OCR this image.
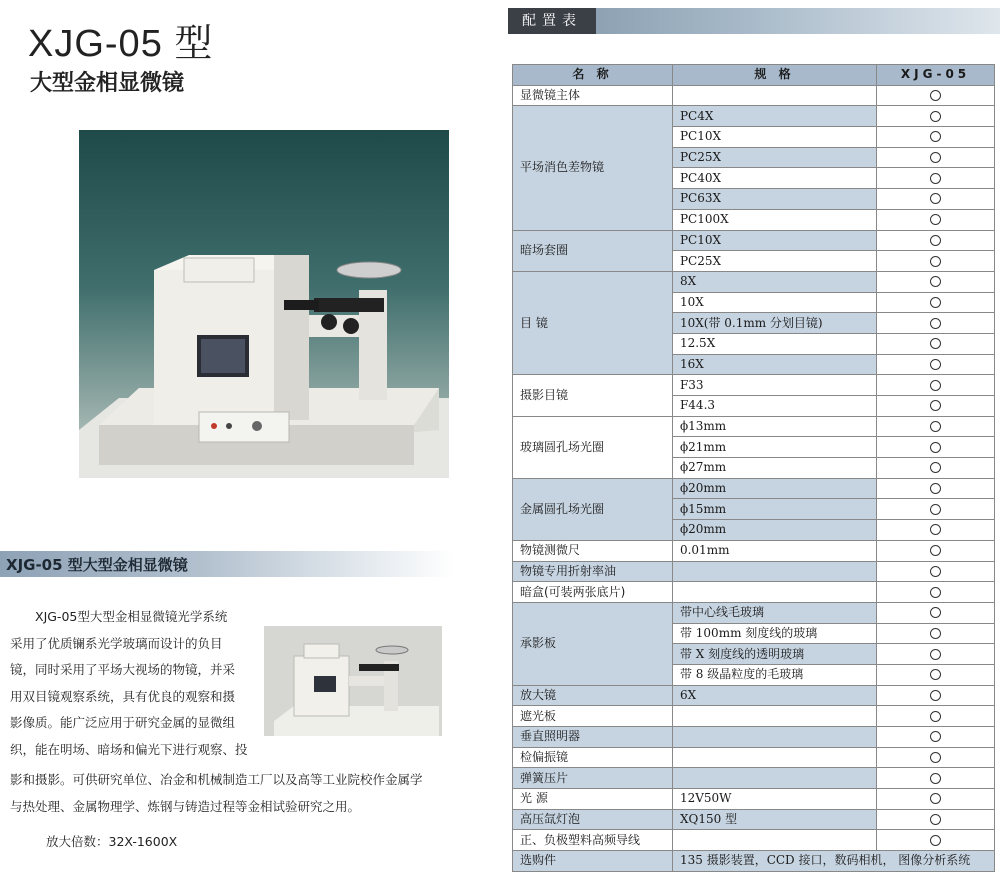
XJG-05 型
大型金相显微镜
XJG-05 型大型金相显微镜

XJG-05型大型金相显微镜光学系统

采用了优质镧系光学玻璃而设计的负目

镜，同时采用了平场大视场的物镜，并采

用双目镜观察系统，具有优良的观察和摄

影像质。能广泛应用于研究金属的显微组

织，能在明场、暗场和偏光下进行观察、投

影和摄影。可供研究单位、冶金和机械制造工厂以及高等工业院校作金属学

与热处理、金属物理学、炼钢与铸造过程等金相试验研究之用。

放大倍数：32X-1600X
配置表
名 称	规 格	XJG-05
显微镜主体		
平场消色差物镜	PC4X	
	PC10X	
	PC25X	
	PC40X	
	PC63X	
	PC100X	
暗场套圈	PC10X	
	PC25X	
目 镜	8X	
	10X	
	10X(带 0.1mm 分划目镜)	
	12.5X	
	16X	
摄影目镜	F33	
	F44.3	
玻璃圆孔场光圈	ϕ13mm	
	ϕ21mm	
	ϕ27mm	
金属圆孔场光圈	ϕ20mm	
	ϕ15mm	
	ϕ20mm	
物镜测微尺	0.01mm	
物镜专用折射率油		
暗盒(可装两张底片)		
承影板	带中心线毛玻璃	
	带 100mm 刻度线的玻璃	
	带 X 刻度线的透明玻璃	
	带 8 级晶粒度的毛玻璃	
放大镜	6X	
遮光板		
垂直照明器		
检偏振镜		
弹簧压片		
光 源	12V50W	
高压氙灯泡	XQ150 型	
正、负极塑料高频导线		
选购件	135 摄影装置，CCD 接口，数码相机， 图像分析系统	
